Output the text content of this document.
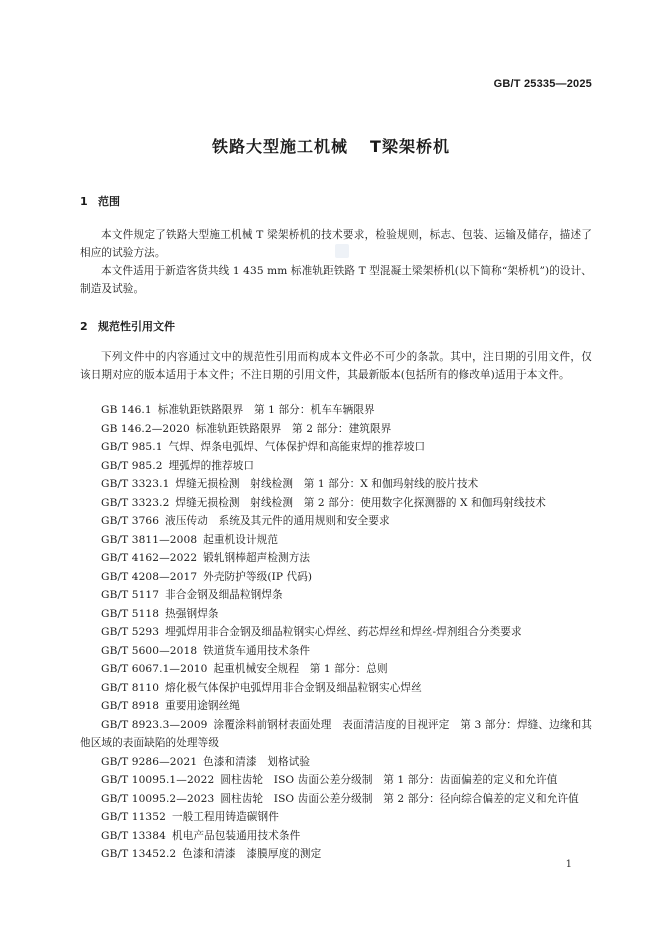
GB/T 25335—2025
铁路大型施工机械 T梁架桥机
1 范围
本文件规定了铁路大型施工机械 T 梁架桥机的技术要求，检验规则，标志、包装、运输及储存，描述了相应的试验方法。
本文件适用于新造客货共线 1 435 mm 标准轨距铁路 T 型混凝土梁架桥机(以下简称“架桥机”)的设计、制造及试验。
2 规范性引用文件
下列文件中的内容通过文中的规范性引用而构成本文件必不可少的条款。其中，注日期的引用文件，仅该日期对应的版本适用于本文件；不注日期的引用文件，其最新版本(包括所有的修改单)适用于本文件。
GB 146.1 标准轨距铁路限界　第 1 部分：机车车辆限界
GB 146.2—2020 标准轨距铁路限界　第 2 部分：建筑限界
GB/T 985.1 气焊、焊条电弧焊、气体保护焊和高能束焊的推荐坡口
GB/T 985.2 埋弧焊的推荐坡口
GB/T 3323.1 焊缝无损检测　射线检测　第 1 部分：X 和伽玛射线的胶片技术
GB/T 3323.2 焊缝无损检测　射线检测　第 2 部分：使用数字化探测器的 X 和伽玛射线技术
GB/T 3766 液压传动　系统及其元件的通用规则和安全要求
GB/T 3811—2008 起重机设计规范
GB/T 4162—2022 锻轧钢棒超声检测方法
GB/T 4208—2017 外壳防护等级(IP 代码)
GB/T 5117 非合金钢及细晶粒钢焊条
GB/T 5118 热强钢焊条
GB/T 5293 埋弧焊用非合金钢及细晶粒钢实心焊丝、药芯焊丝和焊丝-焊剂组合分类要求
GB/T 5600—2018 铁道货车通用技术条件
GB/T 6067.1—2010 起重机械安全规程　第 1 部分：总则
GB/T 8110 熔化极气体保护电弧焊用非合金钢及细晶粒钢实心焊丝
GB/T 8918 重要用途钢丝绳
GB/T 8923.3—2009 涂覆涂料前钢材表面处理　表面清洁度的目视评定　第 3 部分：焊缝、边缘和其他区域的表面缺陷的处理等级
GB/T 9286—2021 色漆和清漆　划格试验
GB/T 10095.1—2022 圆柱齿轮　ISO 齿面公差分级制　第 1 部分：齿面偏差的定义和允许值
GB/T 10095.2—2023 圆柱齿轮　ISO 齿面公差分级制　第 2 部分：径向综合偏差的定义和允许值
GB/T 11352 一般工程用铸造碳钢件
GB/T 13384 机电产品包装通用技术条件
GB/T 13452.2 色漆和清漆　漆膜厚度的测定
1
